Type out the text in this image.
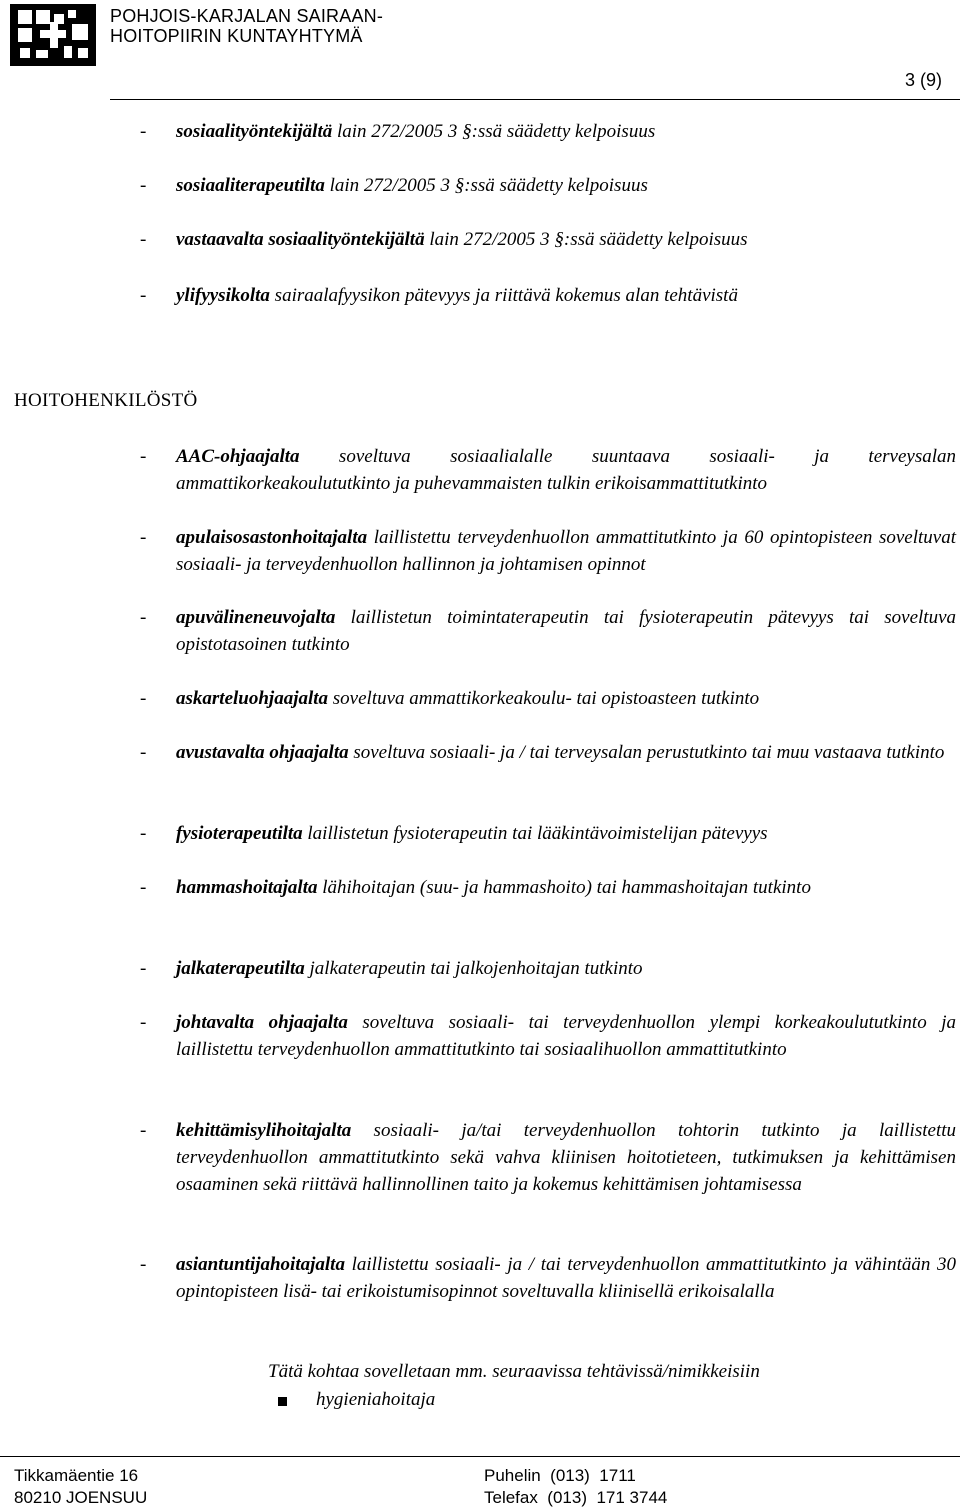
POHJOIS-KARJALAN SAIRAAN-
HOITOPIIRIN KUNTAYHTYMÄ
3 (9)
- sosiaalityöntekijältä lain 272/2005 3 §:ssä säädetty kelpoisuus
- sosiaaliterapeutilta lain 272/2005 3 §:ssä säädetty kelpoisuus
- vastaavalta sosiaalityöntekijältä lain 272/2005 3 §:ssä säädetty kelpoisuus
- ylifyysikolta sairaalafyysikon pätevyys ja riittävä kokemus alan tehtävistä
HOITOHENKILÖSTÖ
- AAC-ohjaajalta soveltuva sosiaalialalle suuntaava sosiaali- ja terveysalan ammattikorkeakoulututkinto ja puhevammaisten tulkin erikoisammattitutkinto
- apulaisosastonhoitajalta laillistettu terveydenhuollon ammattitutkinto ja 60 opintopisteen soveltuvat sosiaali- ja terveydenhuollon hallinnon ja johtamisen opinnot
- apuvälineneuvojalta laillistetun toimintaterapeutin tai fysioterapeutin pätevyys tai soveltuva opistotasoinen tutkinto
- askarteluohjaajalta soveltuva ammattikorkeakoulu- tai opistoasteen tutkinto
- avustavalta ohjaajalta soveltuva sosiaali- ja / tai terveysalan perustutkinto tai muu vastaava tutkinto
- fysioterapeutilta laillistetun fysioterapeutin tai lääkintävoimistelijan pätevyys
- hammashoitajalta lähihoitajan (suu- ja hammashoito) tai hammashoitajan tutkinto
- jalkaterapeutilta jalkaterapeutin tai jalkojenhoitajan tutkinto
- johtavalta ohjaajalta soveltuva sosiaali- tai terveydenhuollon ylempi korkeakoulututkinto ja laillistettu terveydenhuollon ammattitutkinto tai sosiaalihuollon ammattitutkinto
- kehittämisylihoitajalta sosiaali- ja/tai terveydenhuollon tohtorin tutkinto ja laillistettu terveydenhuollon ammattitutkinto sekä vahva kliinisen hoitotieteen, tutkimuksen ja kehittämisen osaaminen sekä riittävä hallinnollinen taito ja kokemus kehittämisen johtamisessa
- asiantuntijahoitajalta laillistettu sosiaali- ja / tai terveydenhuollon ammattitutkinto ja vähintään 30 opintopisteen lisä- tai erikoistumisopinnot soveltuvalla kliinisellä erikoisalalla
Tätä kohtaa sovelletaan mm. seuraavissa tehtävissä/nimikkeisiin
hygieniahoitaja
Tikkamäentie 16
80210 JOENSUU
Puhelin  (013)  1711
Telefax  (013)  171 3744
